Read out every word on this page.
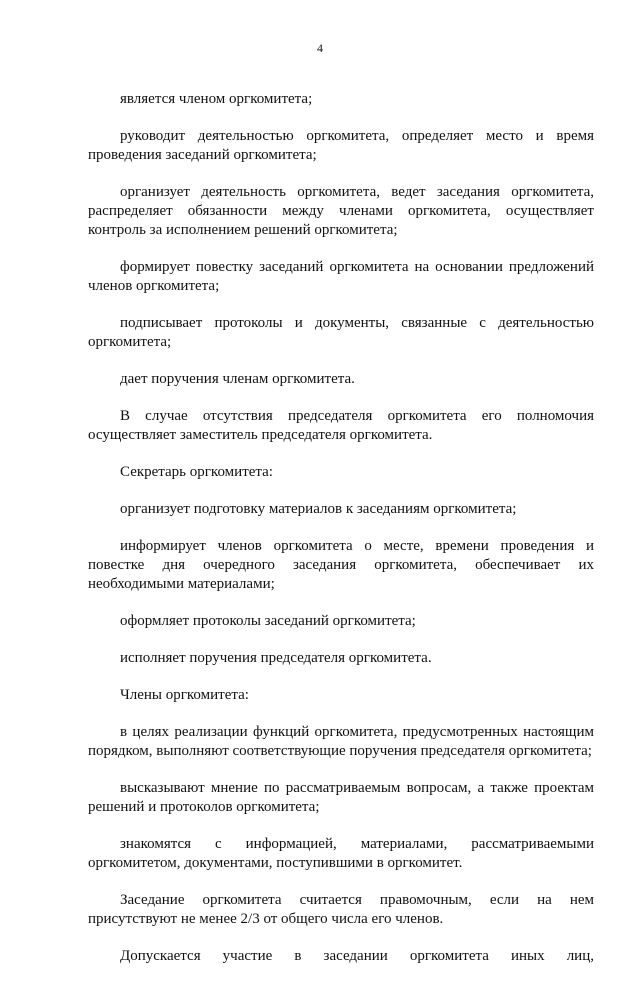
4

является членом оргкомитета;

руководит деятельностью оргкомитета, определяет место и время проведения заседаний оргкомитета;

организует деятельность оргкомитета, ведет заседания оргкомитета, распределяет обязанности между членами оргкомитета, осуществляет контроль за исполнением решений оргкомитета;

формирует повестку заседаний оргкомитета на основании предложений членов оргкомитета;

подписывает протоколы и документы, связанные с деятельностью оргкомитета;

дает поручения членам оргкомитета.

В случае отсутствия председателя оргкомитета его полномочия осуществляет заместитель председателя оргкомитета.

Секретарь оргкомитета:

организует подготовку материалов к заседаниям оргкомитета;

информирует членов оргкомитета о месте, времени проведения и повестке дня очередного заседания оргкомитета, обеспечивает их необходимыми материалами;

оформляет протоколы заседаний оргкомитета;

исполняет поручения председателя оргкомитета.

Члены оргкомитета:

в целях реализации функций оргкомитета, предусмотренных настоящим порядком, выполняют соответствующие поручения председателя оргкомитета;

высказывают мнение по рассматриваемым вопросам, а также проектам решений и протоколов оргкомитета;

знакомятся с информацией, материалами, рассматриваемыми оргкомитетом, документами, поступившими в оргкомитет.

Заседание оргкомитета считается правомочным, если на нем присутствуют не менее 2/3 от общего числа его членов.

Допускается участие в заседании оргкомитета иных лиц,
